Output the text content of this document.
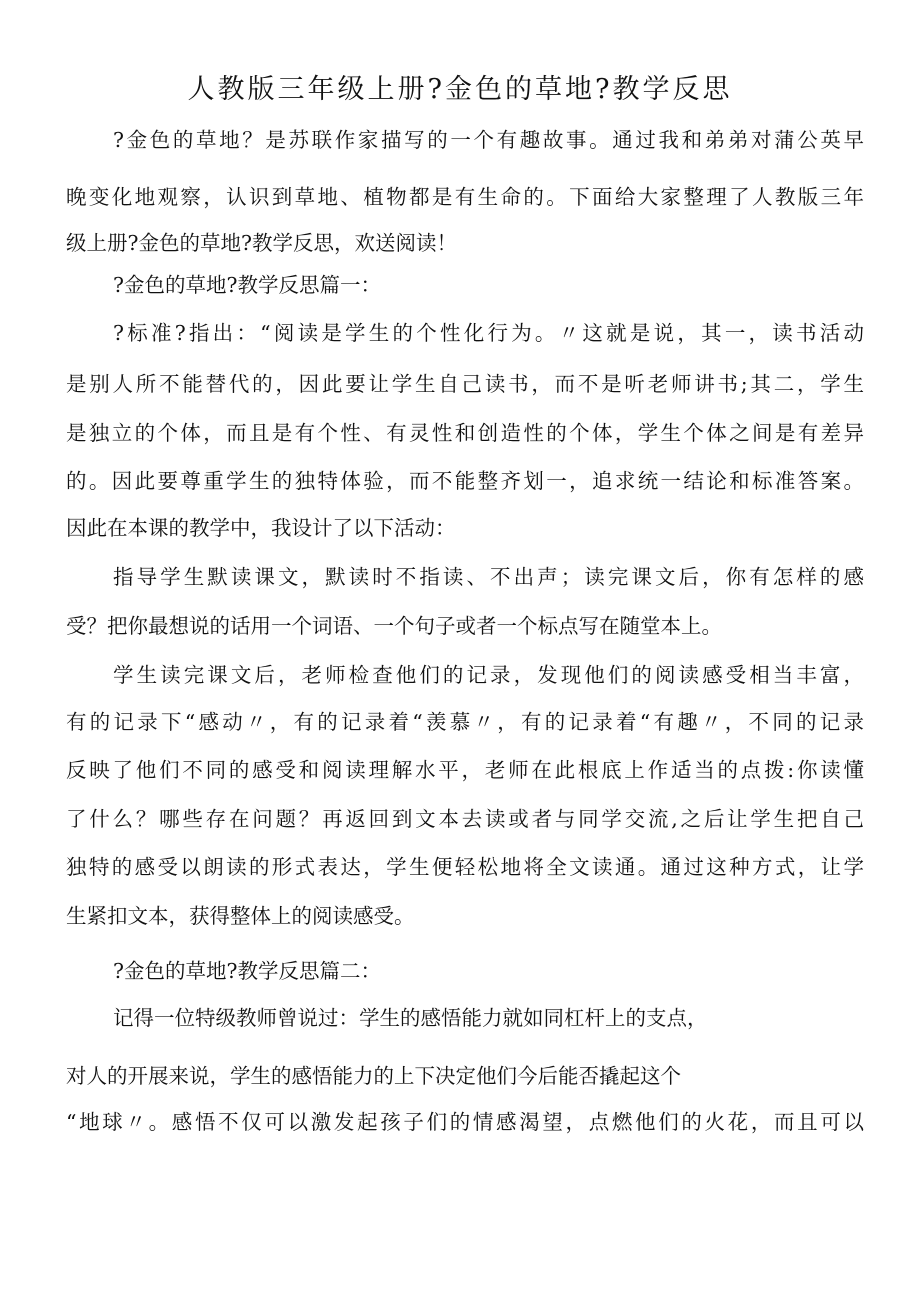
人教版三年级上册?金色的草地?教学反思
?金色的草地？是苏联作家描写的一个有趣故事。通过我和弟弟对蒲公英早
晚变化地观察，认识到草地、植物都是有生命的。下面给大家整理了人教版三年
级上册?金色的草地?教学反思，欢送阅读！
?金色的草地?教学反思篇一：
?标准?指出：“阅读是学生的个性化行为。〃这就是说，其一，读书活动
是别人所不能替代的，因此要让学生自己读书，而不是听老师讲书;其二，学生
是独立的个体，而且是有个性、有灵性和创造性的个体，学生个体之间是有差异
的。因此要尊重学生的独特体验，而不能整齐划一，追求统一结论和标准答案。
因此在本课的教学中，我设计了以下活动：
指导学生默读课文，默读时不指读、不出声；读完课文后，你有怎样的感
受？把你最想说的话用一个词语、一个句子或者一个标点写在随堂本上。
学生读完课文后，老师检查他们的记录，发现他们的阅读感受相当丰富，
有的记录下“感动〃，有的记录着“羡慕〃，有的记录着“有趣〃，不同的记录
反映了他们不同的感受和阅读理解水平，老师在此根底上作适当的点拨:你读懂
了什么？哪些存在问题？再返回到文本去读或者与同学交流,之后让学生把自己
独特的感受以朗读的形式表达，学生便轻松地将全文读通。通过这种方式，让学
生紧扣文本，获得整体上的阅读感受。
?金色的草地?教学反思篇二：
记得一位特级教师曾说过：学生的感悟能力就如同杠杆上的支点，
对人的开展来说，学生的感悟能力的上下决定他们今后能否撬起这个
“地球〃。感悟不仅可以激发起孩子们的情感渴望，点燃他们的火花，而且可以
